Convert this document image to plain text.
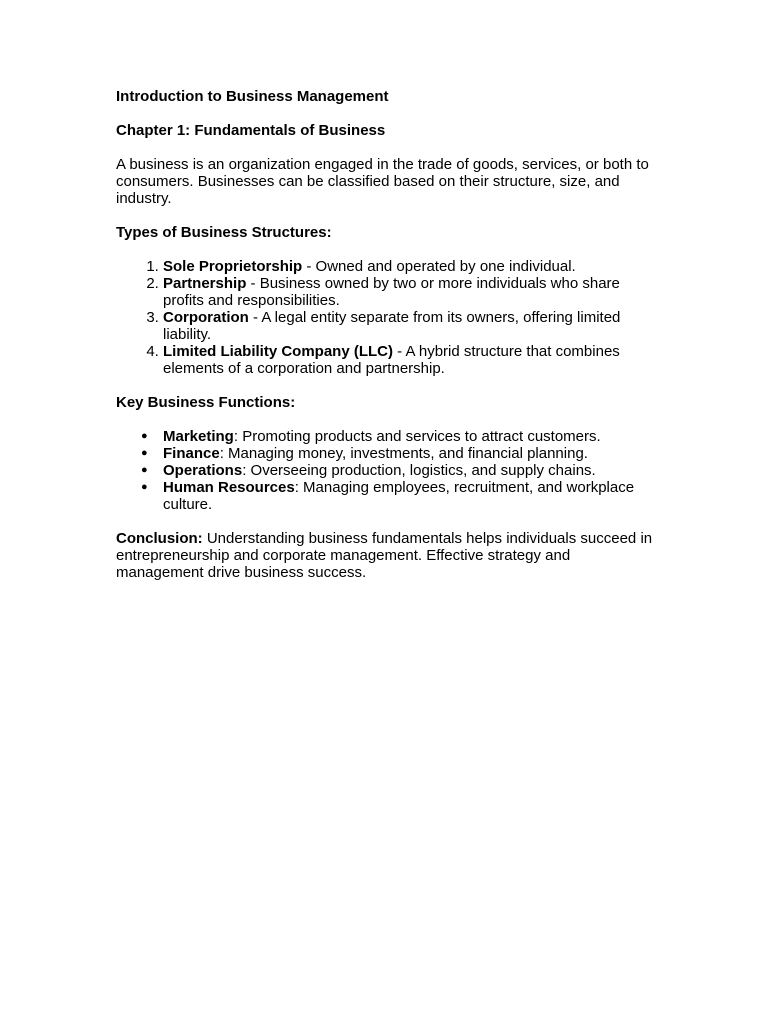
Introduction to Business Management

Chapter 1: Fundamentals of Business

A business is an organization engaged in the trade of goods, services, or both to consumers. Businesses can be classified based on their structure, size, and industry.

Types of Business Structures:

1. Sole Proprietorship - Owned and operated by one individual.
2. Partnership - Business owned by two or more individuals who share profits and responsibilities.
3. Corporation - A legal entity separate from its owners, offering limited liability.
4. Limited Liability Company (LLC) - A hybrid structure that combines elements of a corporation and partnership.

Key Business Functions:

● Marketing: Promoting products and services to attract customers.
● Finance: Managing money, investments, and financial planning.
● Operations: Overseeing production, logistics, and supply chains.
● Human Resources: Managing employees, recruitment, and workplace culture.

Conclusion: Understanding business fundamentals helps individuals succeed in entrepreneurship and corporate management. Effective strategy and management drive business success.
